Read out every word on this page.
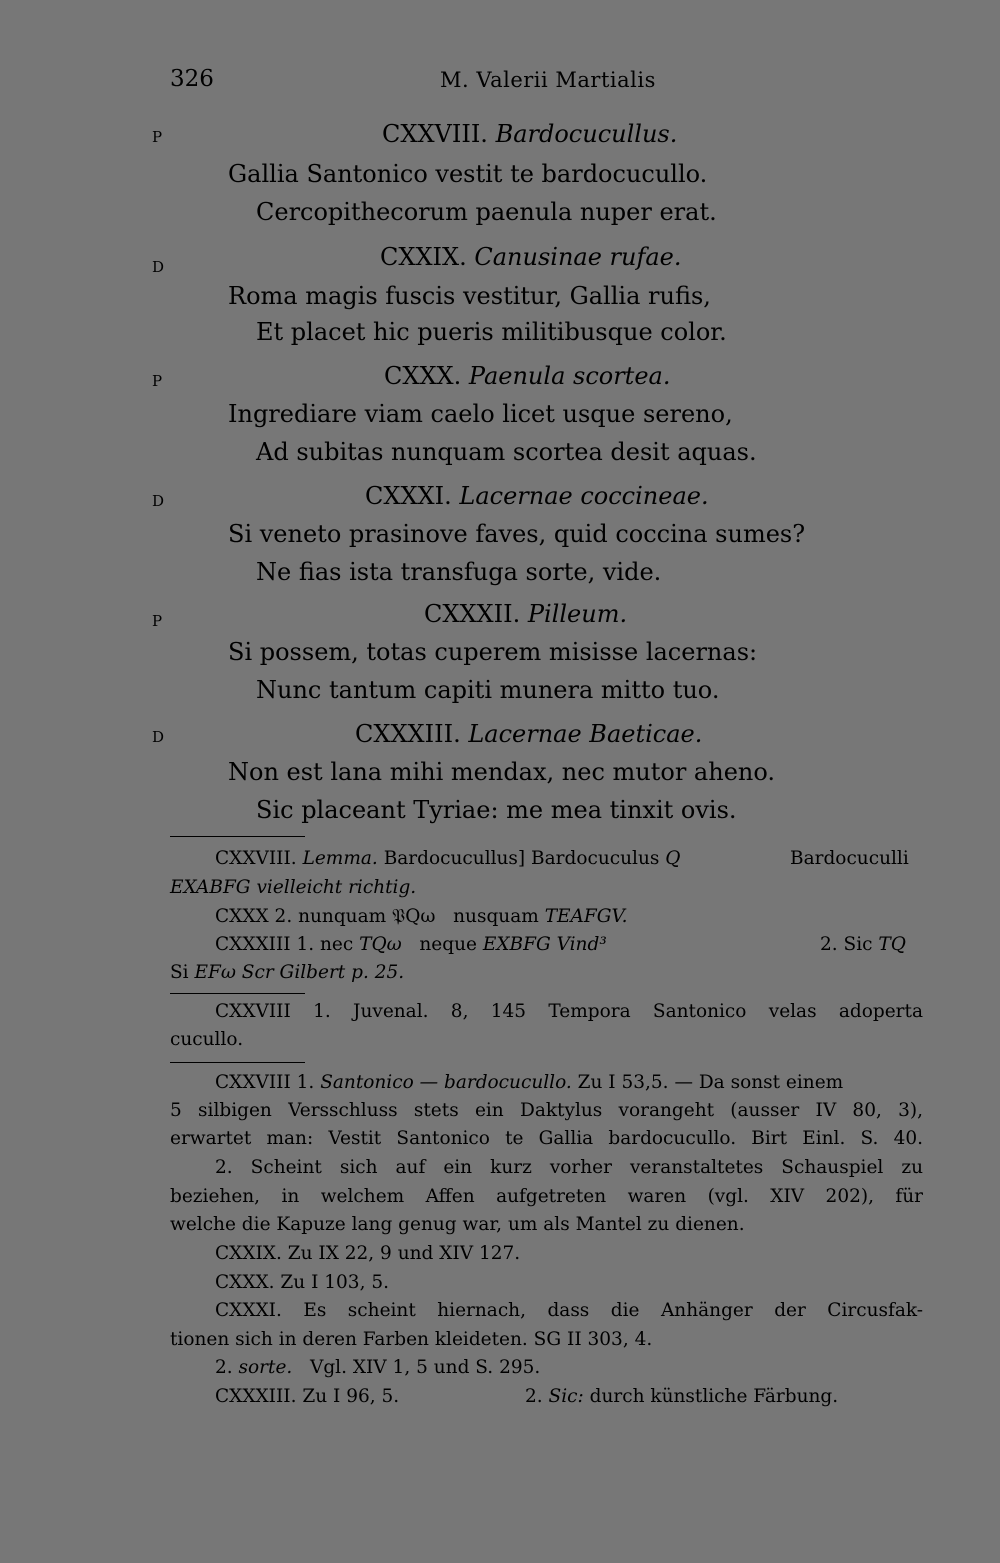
326	M. Valerii Martialis
P	CXXVIII. Bardocucullus.
Gallia Santonico vestit te bardocucullo.
Cercopithecorum paenula nuper erat.
D	CXXIX. Canusinae rufae.
Roma magis fuscis vestitur, Gallia rufis,
Et placet hic pueris militibusque color.
P	CXXX. Paenula scortea.
Ingrediare viam caelo licet usque sereno,
Ad subitas nunquam scortea desit aquas.
D	CXXXI. Lacernae coccineae.
Si veneto prasinove faves, quid coccina sumes?
Ne fias ista transfuga sorte, vide.
P	CXXXII. Pilleum.
Si possem, totas cuperem misisse lacernas:
Nunc tantum capiti munera mitto tuo.
D	CXXXIII. Lacernae Baeticae.
Non est lana mihi mendax, nec mutor aheno.
Sic placeant Tyriae: me mea tinxit ovis.
CXXVIII. Lemma. Bardocucullus] Bardocuculus Q	Bardocuculli
EXABFG vielleicht richtig.
CXXX 2. nunquam 𝔓Qω nusquam TEAFGV.
CXXXIII 1. nec TQω neque EXBFG Vind³	2. Sic TQ
Si EFω Scr Gilbert p. 25.
CXXVIII 1. Juvenal. 8, 145 Tempora Santonico velas adoperta
cucullo.
CXXVIII 1. Santonico — bardocucullo. Zu I 53,5. — Da sonst einem
5 silbigen Versschluss stets ein Daktylus vorangeht (ausser IV 80, 3),
erwartet man: Vestit Santonico te Gallia bardocucullo. Birt Einl. S. 40.
2. Scheint sich auf ein kurz vorher veranstaltetes Schauspiel zu
beziehen, in welchem Affen aufgetreten waren (vgl. XIV 202), für
welche die Kapuze lang genug war, um als Mantel zu dienen.
CXXIX. Zu IX 22, 9 und XIV 127.
CXXX. Zu I 103, 5.
CXXXI. Es scheint hiernach, dass die Anhänger der Circusfak-
tionen sich in deren Farben kleideten. SG II 303, 4.
2. sorte. Vgl. XIV 1, 5 und S. 295.
CXXXIII. Zu I 96, 5.	2. Sic: durch künstliche Färbung.
